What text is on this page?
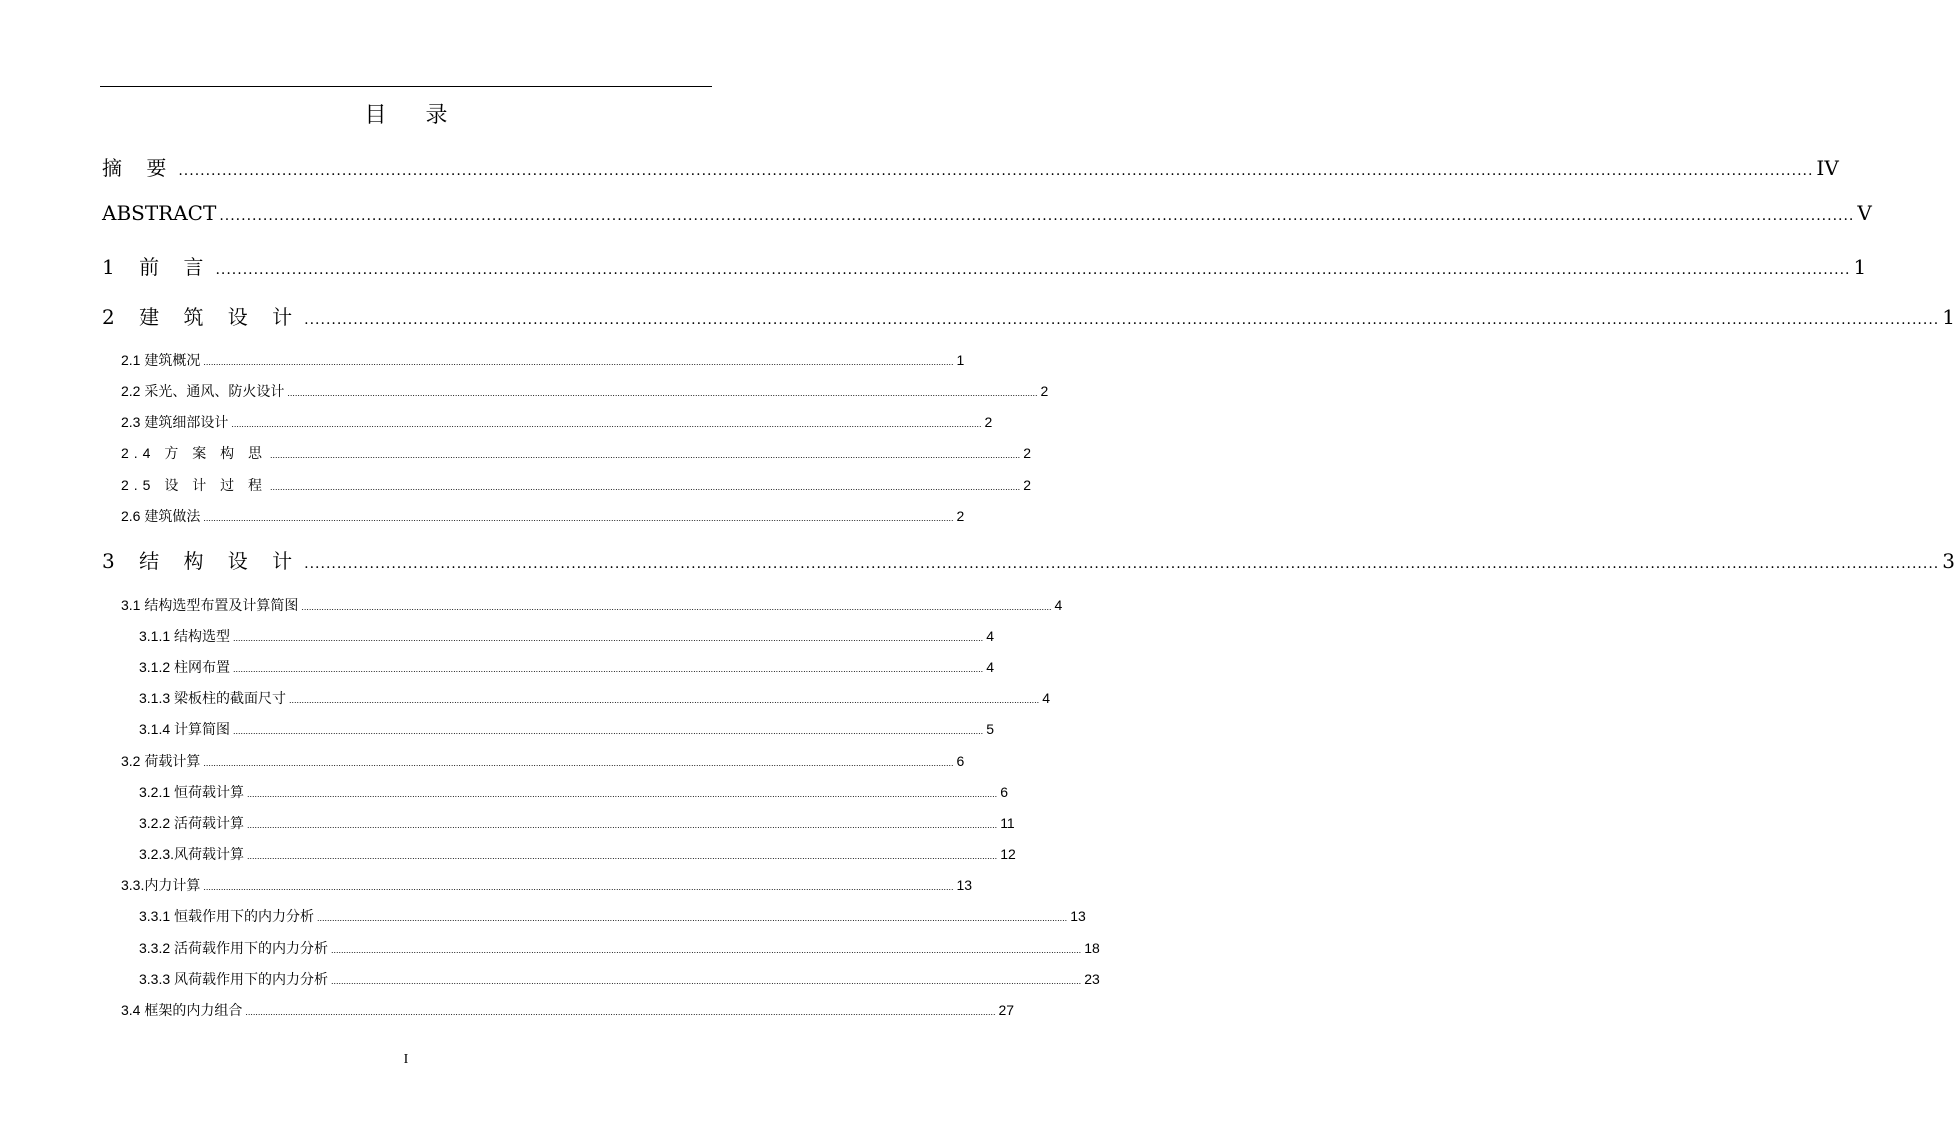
目 录
摘 要 ............................................................................................................................................................................................................................................................................................................ IV
ABSTRACT ............................................................................................................................................................................................................................................................................................................ V
1 前 言 ............................................................................................................................................................................................................................................................................................................ 1
2 建 筑 设 计 ............................................................................................................................................................................................................................................................................................................ 1
2.1 建筑概况 ............................................................................................................................................................................................................................................................................................................ 1
2.2 采光、通风、防火设计 ............................................................................................................................................................................................................................................................................................................ 2
2.3 建筑细部设计 ............................................................................................................................................................................................................................................................................................................ 2
2.4 方 案 构 思 ............................................................................................................................................................................................................................................................................................................ 2
2.5 设 计 过 程 ............................................................................................................................................................................................................................................................................................................ 2
2.6 建筑做法 ............................................................................................................................................................................................................................................................................................................ 2
3 结 构 设 计 ............................................................................................................................................................................................................................................................................................................ 3
3.1 结构选型布置及计算简图 ............................................................................................................................................................................................................................................................................................................ 4
3.1.1 结构选型 ............................................................................................................................................................................................................................................................................................................ 4
3.1.2 柱网布置 ............................................................................................................................................................................................................................................................................................................ 4
3.1.3 梁板柱的截面尺寸 ............................................................................................................................................................................................................................................................................................................ 4
3.1.4 计算简图 ............................................................................................................................................................................................................................................................................................................ 5
3.2 荷载计算 ............................................................................................................................................................................................................................................................................................................ 6
3.2.1 恒荷载计算 ............................................................................................................................................................................................................................................................................................................ 6
3.2.2 活荷载计算 ............................................................................................................................................................................................................................................................................................................ 11
3.2.3.风荷载计算 ............................................................................................................................................................................................................................................................................................................ 12
3.3.内力计算 ............................................................................................................................................................................................................................................................................................................ 13
3.3.1 恒载作用下的内力分析 ............................................................................................................................................................................................................................................................................................................ 13
3.3.2 活荷载作用下的内力分析 ............................................................................................................................................................................................................................................................................................................ 18
3.3.3 风荷载作用下的内力分析 ............................................................................................................................................................................................................................................................................................................ 23
3.4 框架的内力组合 ............................................................................................................................................................................................................................................................................................................ 27
I
